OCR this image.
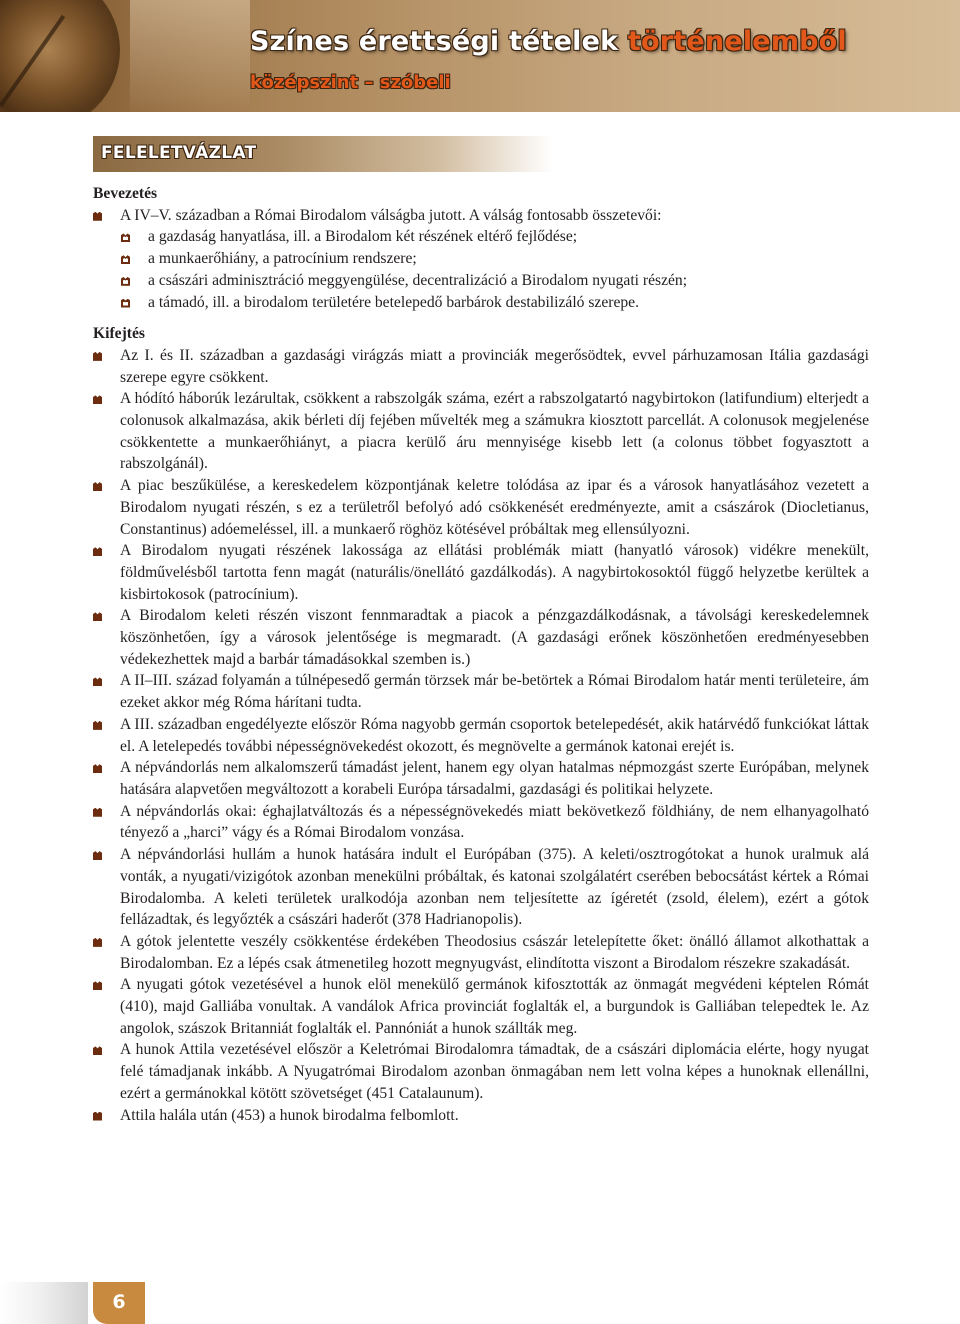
Színes érettségi tételek történelemből
középszint – szóbeli
FELELETVÁZLAT

Bevezetés

A IV–V. században a Római Birodalom válságba jutott. A válság fontosabb összetevői:
a gazdaság hanyatlása, ill. a Birodalom két részének eltérő fejlődése;
a munkaerőhiány, a patrocínium rendszere;
a császári adminisztráció meggyengülése, decentralizáció a Birodalom nyugati részén;
a támadó, ill. a birodalom területére betelepedő barbárok destabilizáló szerepe.

Kifejtés

Az I. és II. században a gazdasági virágzás miatt a provinciák megerősödtek, evvel párhuzamosan Itália gazdasági szerepe egyre csökkent.
A hódító háborúk lezárultak, csökkent a rabszolgák száma, ezért a rabszolgatartó nagybirtokon (latifundium) elterjedt a colonusok alkalmazása, akik bérleti díj fejében művelték meg a számukra kiosztott parcellát. A colonusok megjelenése csökkentette a munkaerőhiányt, a piacra kerülő áru mennyisége kisebb lett (a colonus többet fogyasztott a rabszolgánál).
A piac beszűkülése, a kereskedelem központjának keletre tolódása az ipar és a városok hanyatlásához vezetett a Birodalom nyugati részén, s ez a területről befolyó adó csökkenését eredményezte, amit a császárok (Diocletianus, Constantinus) adóemeléssel, ill. a munkaerő röghöz kötésével próbáltak meg ellensúlyozni.
A Birodalom nyugati részének lakossága az ellátási problémák miatt (hanyatló városok) vidékre menekült, földművelésből tartotta fenn magát (naturális/önellátó gazdálkodás). A nagybirtokosoktól függő helyzetbe kerültek a kisbirtokosok (patrocínium).
A Birodalom keleti részén viszont fennmaradtak a piacok a pénzgazdálkodásnak, a távolsági kereskedelemnek köszönhetően, így a városok jelentősége is megmaradt. (A gazdasági erőnek köszönhetően eredményesebben védekezhettek majd a barbár támadásokkal szemben is.)
A II–III. század folyamán a túlnépesedő germán törzsek már be-betörtek a Római Birodalom határ menti területeire, ám ezeket akkor még Róma hárítani tudta.
A III. században engedélyezte először Róma nagyobb germán csoportok betelepedését, akik határvédő funkciókat láttak el. A letelepedés további népességnövekedést okozott, és megnövelte a germánok katonai erejét is.
A népvándorlás nem alkalomszerű támadást jelent, hanem egy olyan hatalmas népmozgást szerte Európában, melynek hatására alapvetően megváltozott a korabeli Európa társadalmi, gazdasági és politikai helyzete.
A népvándorlás okai: éghajlatváltozás és a népességnövekedés miatt bekövetkező földhiány, de nem elhanyagolható tényező a „harci” vágy és a Római Birodalom vonzása.
A népvándorlási hullám a hunok hatására indult el Európában (375). A keleti/osztrogótokat a hunok uralmuk alá vonták, a nyugati/vizigótok azonban menekülni próbáltak, és katonai szolgálatért cserében bebocsátást kértek a Római Birodalomba. A keleti területek uralkodója azonban nem teljesítette az ígéretét (zsold, élelem), ezért a gótok fellázadtak, és legyőzték a császári haderőt (378 Hadrianopolis).
A gótok jelentette veszély csökkentése érdekében Theodosius császár letelepítette őket: önálló államot alkothattak a Birodalomban. Ez a lépés csak átmenetileg hozott megnyugvást, elindította viszont a Birodalom részekre szakadását.
A nyugati gótok vezetésével a hunok elöl menekülő germánok kifosztották az önmagát megvédeni képtelen Rómát (410), majd Galliába vonultak. A vandálok Africa provinciát foglalták el, a burgundok is Galliában telepedtek le. Az angolok, szászok Britanniát foglalták el. Pannóniát a hunok szállták meg.
A hunok Attila vezetésével először a Keletrómai Birodalomra támadtak, de a császári diplomácia elérte, hogy nyugat felé támadjanak inkább. A Nyugatrómai Birodalom azonban önmagában nem lett volna képes a hunoknak ellenállni, ezért a germánokkal kötött szövetséget (451 Catalaunum).
Attila halála után (453) a hunok birodalma felbomlott.
6
